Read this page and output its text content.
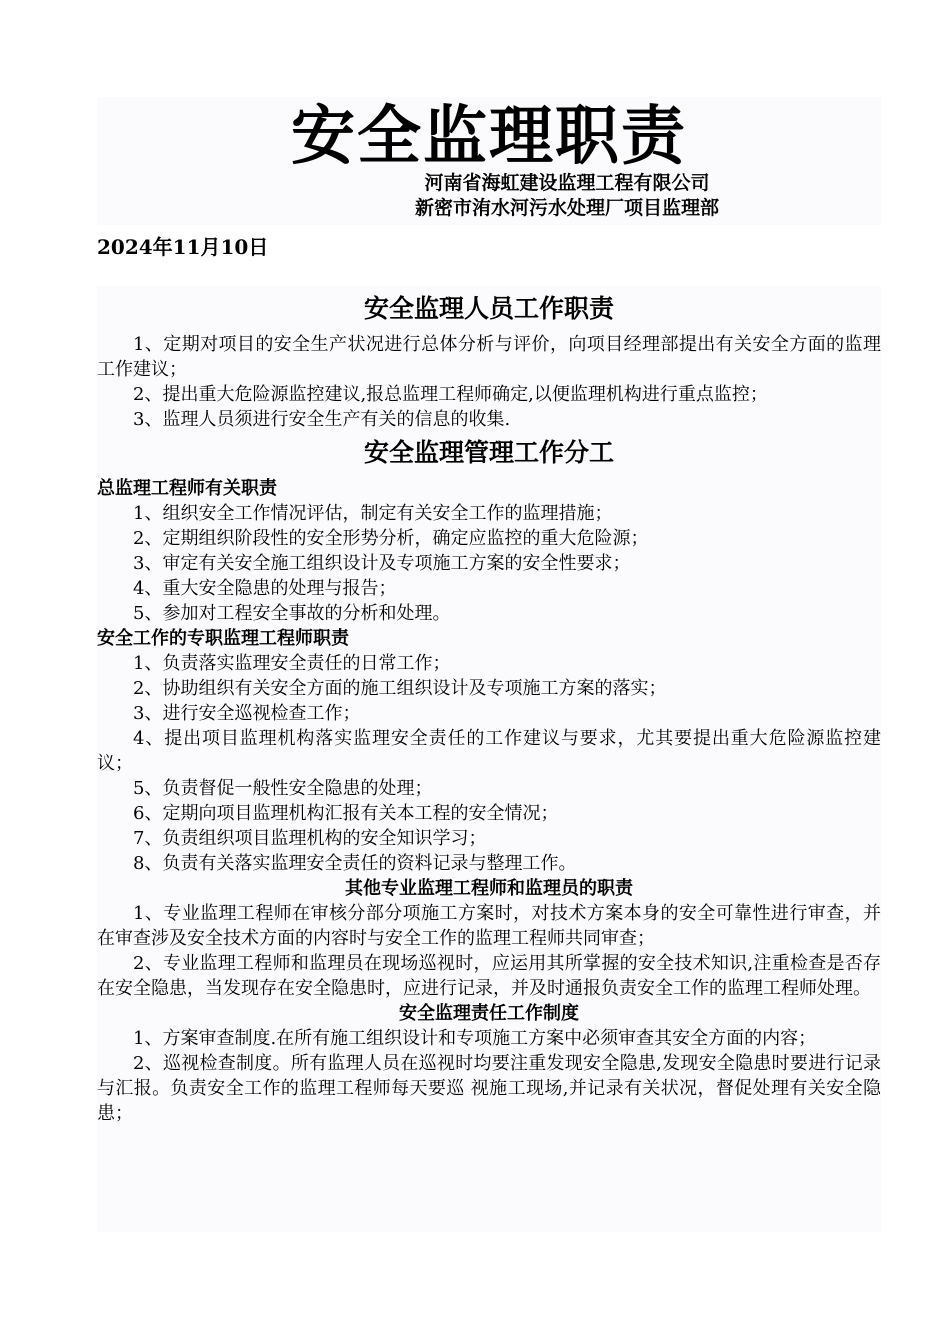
安全监理职责
河南省海虹建设监理工程有限公司
新密市洧水河污水处理厂项目监理部
2024年11月10日
安全监理人员工作职责
1、定期对项目的安全生产状况进行总体分析与评价，向项目经理部提出有关安全方面的监理工作建议；
2、提出重大危险源监控建议,报总监理工程师确定,以便监理机构进行重点监控；
3、监理人员须进行安全生产有关的信息的收集.
安全监理管理工作分工
总监理工程师有关职责
1、组织安全工作情况评估，制定有关安全工作的监理措施；
2、定期组织阶段性的安全形势分析，确定应监控的重大危险源；
3、审定有关安全施工组织设计及专项施工方案的安全性要求；
4、重大安全隐患的处理与报告；
5、参加对工程安全事故的分析和处理。
安全工作的专职监理工程师职责
1、负责落实监理安全责任的日常工作；
2、协助组织有关安全方面的施工组织设计及专项施工方案的落实；
3、进行安全巡视检查工作；
4、提出项目监理机构落实监理安全责任的工作建议与要求，尤其要提出重大危险源监控建议；
5、负责督促一般性安全隐患的处理；
6、定期向项目监理机构汇报有关本工程的安全情况；
7、负责组织项目监理机构的安全知识学习；
8、负责有关落实监理安全责任的资料记录与整理工作。
其他专业监理工程师和监理员的职责
1、专业监理工程师在审核分部分项施工方案时，对技术方案本身的安全可靠性进行审查，并在审查涉及安全技术方面的内容时与安全工作的监理工程师共同审查；
2、专业监理工程师和监理员在现场巡视时，应运用其所掌握的安全技术知识,注重检查是否存在安全隐患，当发现存在安全隐患时，应进行记录，并及时通报负责安全工作的监理工程师处理。
安全监理责任工作制度
1、方案审查制度.在所有施工组织设计和专项施工方案中必须审查其安全方面的内容；
2、巡视检查制度。所有监理人员在巡视时均要注重发现安全隐患,发现安全隐患时要进行记录与汇报。负责安全工作的监理工程师每天要巡 视施工现场,并记录有关状况，督促处理有关安全隐患；
